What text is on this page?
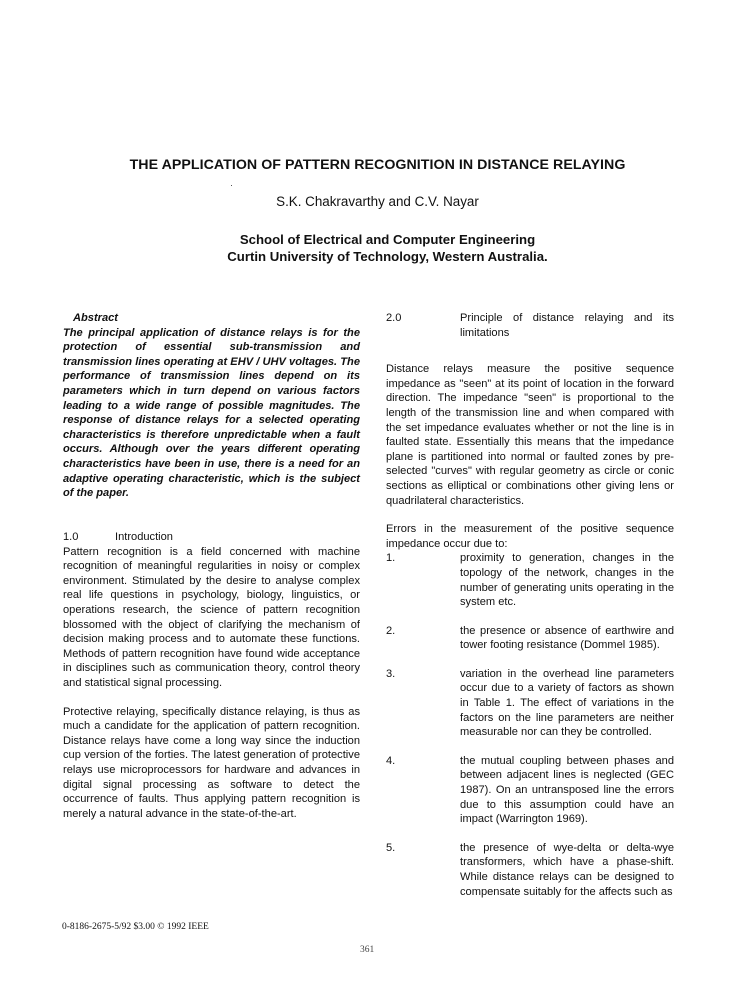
THE APPLICATION OF PATTERN RECOGNITION IN DISTANCE RELAYING
S.K. Chakravarthy and C.V. Nayar
School of Electrical and Computer Engineering
Curtin University of Technology, Western Australia.
Abstract

The principal application of distance relays is for the protection of essential sub-transmission and transmission lines operating at EHV / UHV voltages. The performance of transmission lines depend on its parameters which in turn depend on various factors leading to a wide range of possible magnitudes. The response of distance relays for a selected operating characteristics is therefore unpredictable when a fault occurs. Although over the years different operating characteristics have been in use, there is a need for an adaptive operating characteristic, which is the subject of the paper.

1.0	Introduction

Pattern recognition is a field concerned with machine recognition of meaningful regularities in noisy or complex environment. Stimulated by the desire to analyse complex real life questions in psychology, biology, linguistics, or operations research, the science of pattern recognition blossomed with the object of clarifying the mechanism of decision making process and to automate these functions. Methods of pattern recognition have found wide acceptance in disciplines such as communication theory, control theory and statistical signal processing.

Protective relaying, specifically distance relaying, is thus as much a candidate for the application of pattern recognition. Distance relays have come a long way since the induction cup version of the forties. The latest generation of protective relays use microprocessors for hardware and advances in digital signal processing as software to detect the occurrence of faults. Thus applying pattern recognition is merely a natural advance in the state-of-the-art.

2.0	Principle of distance relaying and its limitations

Distance relays measure the positive sequence impedance as "seen" at its point of location in the forward direction. The impedance "seen" is proportional to the length of the transmission line and when compared with the set impedance evaluates whether or not the line is in faulted state. Essentially this means that the impedance plane is partitioned into normal or faulted zones by pre-selected "curves" with regular geometry as circle or conic sections as elliptical or combinations other giving lens or quadrilateral characteristics.

Errors in the measurement of the positive sequence impedance occur due to:

1.	proximity to generation, changes in the topology of the network, changes in the number of generating units operating in the system etc.
2.	the presence or absence of earthwire and tower footing resistance (Dommel 1985).
3.	variation in the overhead line parameters occur due to a variety of factors as shown in Table 1. The effect of variations in the factors on the line parameters are neither measurable nor can they be controlled.
4.	the mutual coupling between phases and between adjacent lines is neglected (GEC 1987). On an untransposed line the errors due to this assumption could have an impact (Warrington 1969).
5.	the presence of wye-delta or delta-wye transformers, which have a phase-shift. While distance relays can be designed to compensate suitably for the affects such as
0-8186-2675-5/92 $3.00 © 1992 IEEE
361
